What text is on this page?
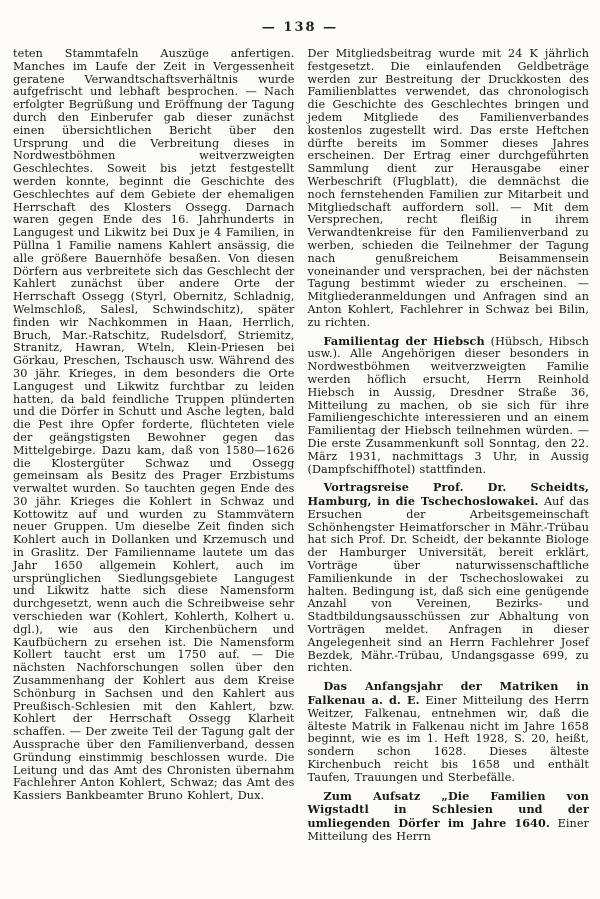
— 138 —

teten Stammtafeln Auszüge anfertigen. Manches im Laufe der Zeit in Vergessenheit geratene Verwandtschaftsverhältnis wurde aufgefrischt und lebhaft besprochen. — Nach erfolgter Begrüßung und Eröffnung der Tagung durch den Einberufer gab dieser zunächst einen übersichtlichen Bericht über den Ursprung und die Verbreitung dieses in Nordwestböhmen weitverzweigten Geschlechtes. Soweit bis jetzt festgestellt werden konnte, beginnt die Geschichte des Geschlechtes auf dem Gebiete der ehemaligen Herrschaft des Klosters Ossegg. Darnach waren gegen Ende des 16. Jahrhunderts in Langugest und Likwitz bei Dux je 4 Familien, in Püllna 1 Familie namens Kahlert ansässig, die alle größere Bauernhöfe besaßen. Von diesen Dörfern aus verbreitete sich das Geschlecht der Kahlert zunächst über andere Orte der Herrschaft Ossegg (Styrl, Obernitz, Schladnig, Welmschloß, Salesl, Schwindschitz), später finden wir Nachkommen in Haan, Herrlich, Bruch, Mar.-Ratschitz, Rudelsdorf, Striemitz, Stranitz, Hawran, Wteln, Klein-Priesen bei Görkau, Preschen, Tschausch usw. Während des 30 jähr. Krieges, in dem besonders die Orte Langugest und Likwitz furchtbar zu leiden hatten, da bald feindliche Truppen plünderten und die Dörfer in Schutt und Asche legten, bald die Pest ihre Opfer forderte, flüchteten viele der geängstigsten Bewohner gegen das Mittelgebirge. Dazu kam, daß von 1580—1626 die Klostergüter Schwaz und Ossegg gemeinsam als Besitz des Prager Erzbistums verwaltet wurden. So tauchten gegen Ende des 30 jähr. Krieges die Kohlert in Schwaz und Kottowitz auf und wurden zu Stammvätern neuer Gruppen. Um dieselbe Zeit finden sich Kohlert auch in Dollanken und Krzemusch und in Graslitz. Der Familienname lautete um das Jahr 1650 allgemein Kohlert, auch im ursprünglichen Siedlungsgebiete Langugest und Likwitz hatte sich diese Namensform durchgesetzt, wenn auch die Schreibweise sehr verschieden war (Kohlert, Kohlerth, Kolhert u. dgl.), wie aus den Kirchenbüchern und Kaufbüchern zu ersehen ist. Die Namensform Kollert taucht erst um 1750 auf. — Die nächsten Nachforschungen sollen über den Zusammenhang der Kohlert aus dem Kreise Schönburg in Sachsen und den Kahlert aus Preußisch-Schlesien mit den Kahlert, bzw. Kohlert der Herrschaft Ossegg Klarheit schaffen. — Der zweite Teil der Tagung galt der Aussprache über den Familienverband, dessen Gründung einstimmig beschlossen wurde. Die Leitung und das Amt des Chronisten übernahm Fachlehrer Anton Kohlert, Schwaz; das Amt des Kassiers Bankbeamter Bruno Kohlert, Dux.

Der Mitgliedsbeitrag wurde mit 24 K jährlich festgesetzt. Die einlaufenden Geldbeträge werden zur Bestreitung der Druckkosten des Familienblattes verwendet, das chronologisch die Geschichte des Geschlechtes bringen und jedem Mitgliede des Familienverbandes kostenlos zugestellt wird. Das erste Heftchen dürfte bereits im Sommer dieses Jahres erscheinen. Der Ertrag einer durchgeführten Sammlung dient zur Herausgabe einer Werbeschrift (Flugblatt), die demnächst die noch fernstehenden Familien zur Mitarbeit und Mitgliedschaft auffordern soll. — Mit dem Versprechen, recht fleißig in ihrem Verwandtenkreise für den Familienverband zu werben, schieden die Teilnehmer der Tagung nach genußreichem Beisammensein voneinander und versprachen, bei der nächsten Tagung bestimmt wieder zu erscheinen. — Mitgliederanmeldungen und Anfragen sind an Anton Kohlert, Fachlehrer in Schwaz bei Bilin, zu richten.

Familientag der Hiebsch (Hübsch, Hibsch usw.). Alle Angehörigen dieser besonders in Nordwestböhmen weitverzweigten Familie werden höflich ersucht, Herrn Reinhold Hiebsch in Aussig, Dresdner Straße 36, Mitteilung zu machen, ob sie sich für ihre Familiengeschichte interessieren und an einem Familientag der Hiebsch teilnehmen würden. — Die erste Zusammenkunft soll Sonntag, den 22. März 1931, nachmittags 3 Uhr, in Aussig (Dampfschiffhotel) stattfinden.

Vortragsreise Prof. Dr. Scheidts, Hamburg, in die Tschechoslowakei. Auf das Ersuchen der Arbeitsgemeinschaft Schönhengster Heimatforscher in Mähr.-Trübau hat sich Prof. Dr. Scheidt, der bekannte Biologe der Hamburger Universität, bereit erklärt, Vorträge über naturwissenschaftliche Familienkunde in der Tschechoslowakei zu halten. Bedingung ist, daß sich eine genügende Anzahl von Vereinen, Bezirks- und Stadtbildungsausschüssen zur Abhaltung von Vorträgen meldet. Anfragen in dieser Angelegenheit sind an Herrn Fachlehrer Josef Bezdek, Mähr.-Trübau, Undangsgasse 699, zu richten.

Das Anfangsjahr der Matriken in Falkenau a. d. E. Einer Mitteilung des Herrn Weitzer, Falkenau, entnehmen wir, daß die älteste Matrik in Falkenau nicht im Jahre 1658 beginnt, wie es im 1. Heft 1928, S. 20, heißt, sondern schon 1628. Dieses älteste Kirchenbuch reicht bis 1658 und enthält Taufen, Trauungen und Sterbefälle.

Zum Aufsatz „Die Familien von Wigstadtl in Schlesien und der umliegenden Dörfer im Jahre 1640. Einer Mitteilung des Herrn
